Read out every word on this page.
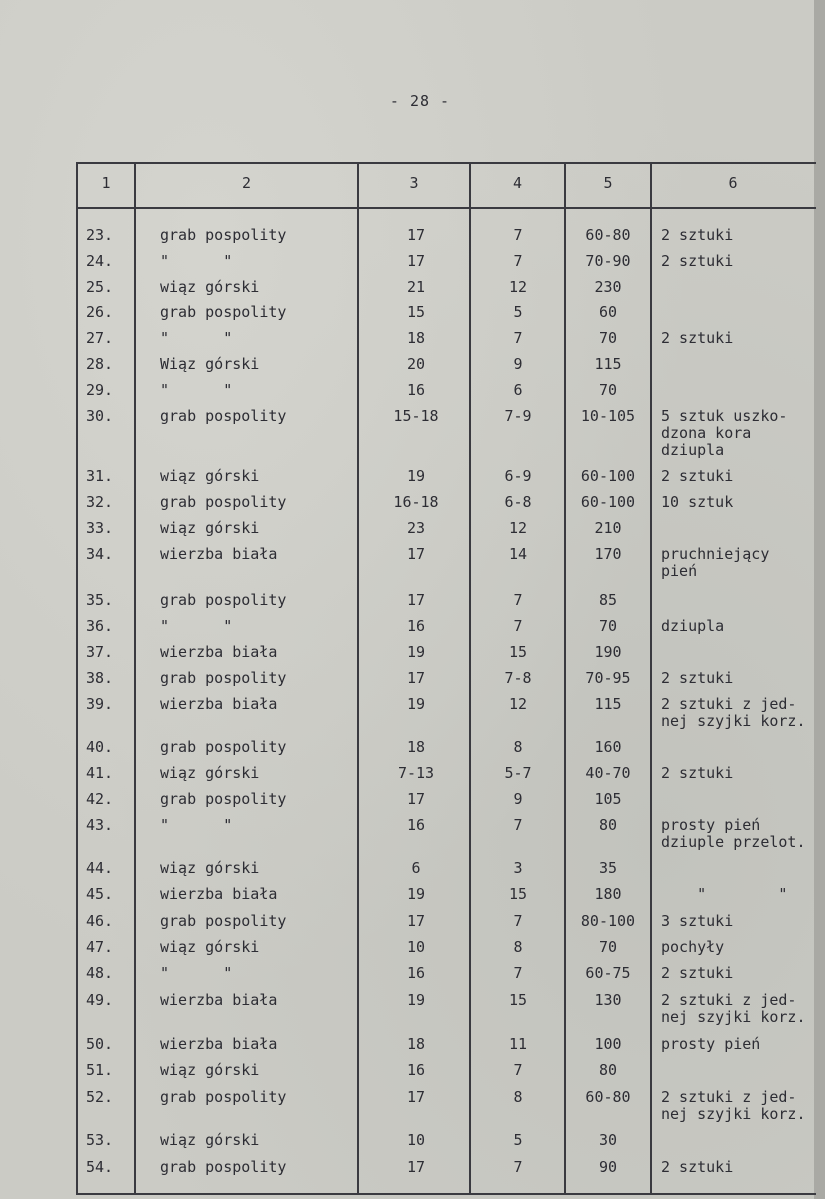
- 28 -
1	2	3	4	5	6
23.	grab pospolity	17	7	60-80	2 sztuki
24.	"      "	17	7	70-90	2 sztuki
25.	wiąz górski	21	12	230
26.	grab pospolity	15	5	60
27.	"      "	18	7	70	2 sztuki
28.	Wiąz górski	20	9	115
29.	"      "	16	6	70
30.	grab pospolity	15-18	7-9	10-105	5 sztuk uszko-
dzona kora
dziupla
31.	wiąz górski	19	6-9	60-100	2 sztuki
32.	grab pospolity	16-18	6-8	60-100	10 sztuk
33.	wiąz górski	23	12	210
34.	wierzba biała	17	14	170	pruchniejący
pień
35.	grab pospolity	17	7	85
36.	"      "	16	7	70	dziupla
37.	wierzba biała	19	15	190
38.	grab pospolity	17	7-8	70-95	2 sztuki
39.	wierzba biała	19	12	115	2 sztuki z jed-
nej szyjki korz.
40.	grab pospolity	18	8	160
41.	wiąz górski	7-13	5-7	40-70	2 sztuki
42.	grab pospolity	17	9	105
43.	"      "	16	7	80	prosty pień
dziuple przelot.
44.	wiąz górski	6	3	35
45.	wierzba biała	19	15	180	"        "
46.	grab pospolity	17	7	80-100	3 sztuki
47.	wiąz górski	10	8	70	pochyły
48.	"      "	16	7	60-75	2 sztuki
49.	wierzba biała	19	15	130	2 sztuki z jed-
nej szyjki korz.
50.	wierzba biała	18	11	100	prosty pień
51.	wiąz górski	16	7	80
52.	grab pospolity	17	8	60-80	2 sztuki z jed-
nej szyjki korz.
53.	wiąz górski	10	5	30
54.	grab pospolity	17	7	90	2 sztuki
